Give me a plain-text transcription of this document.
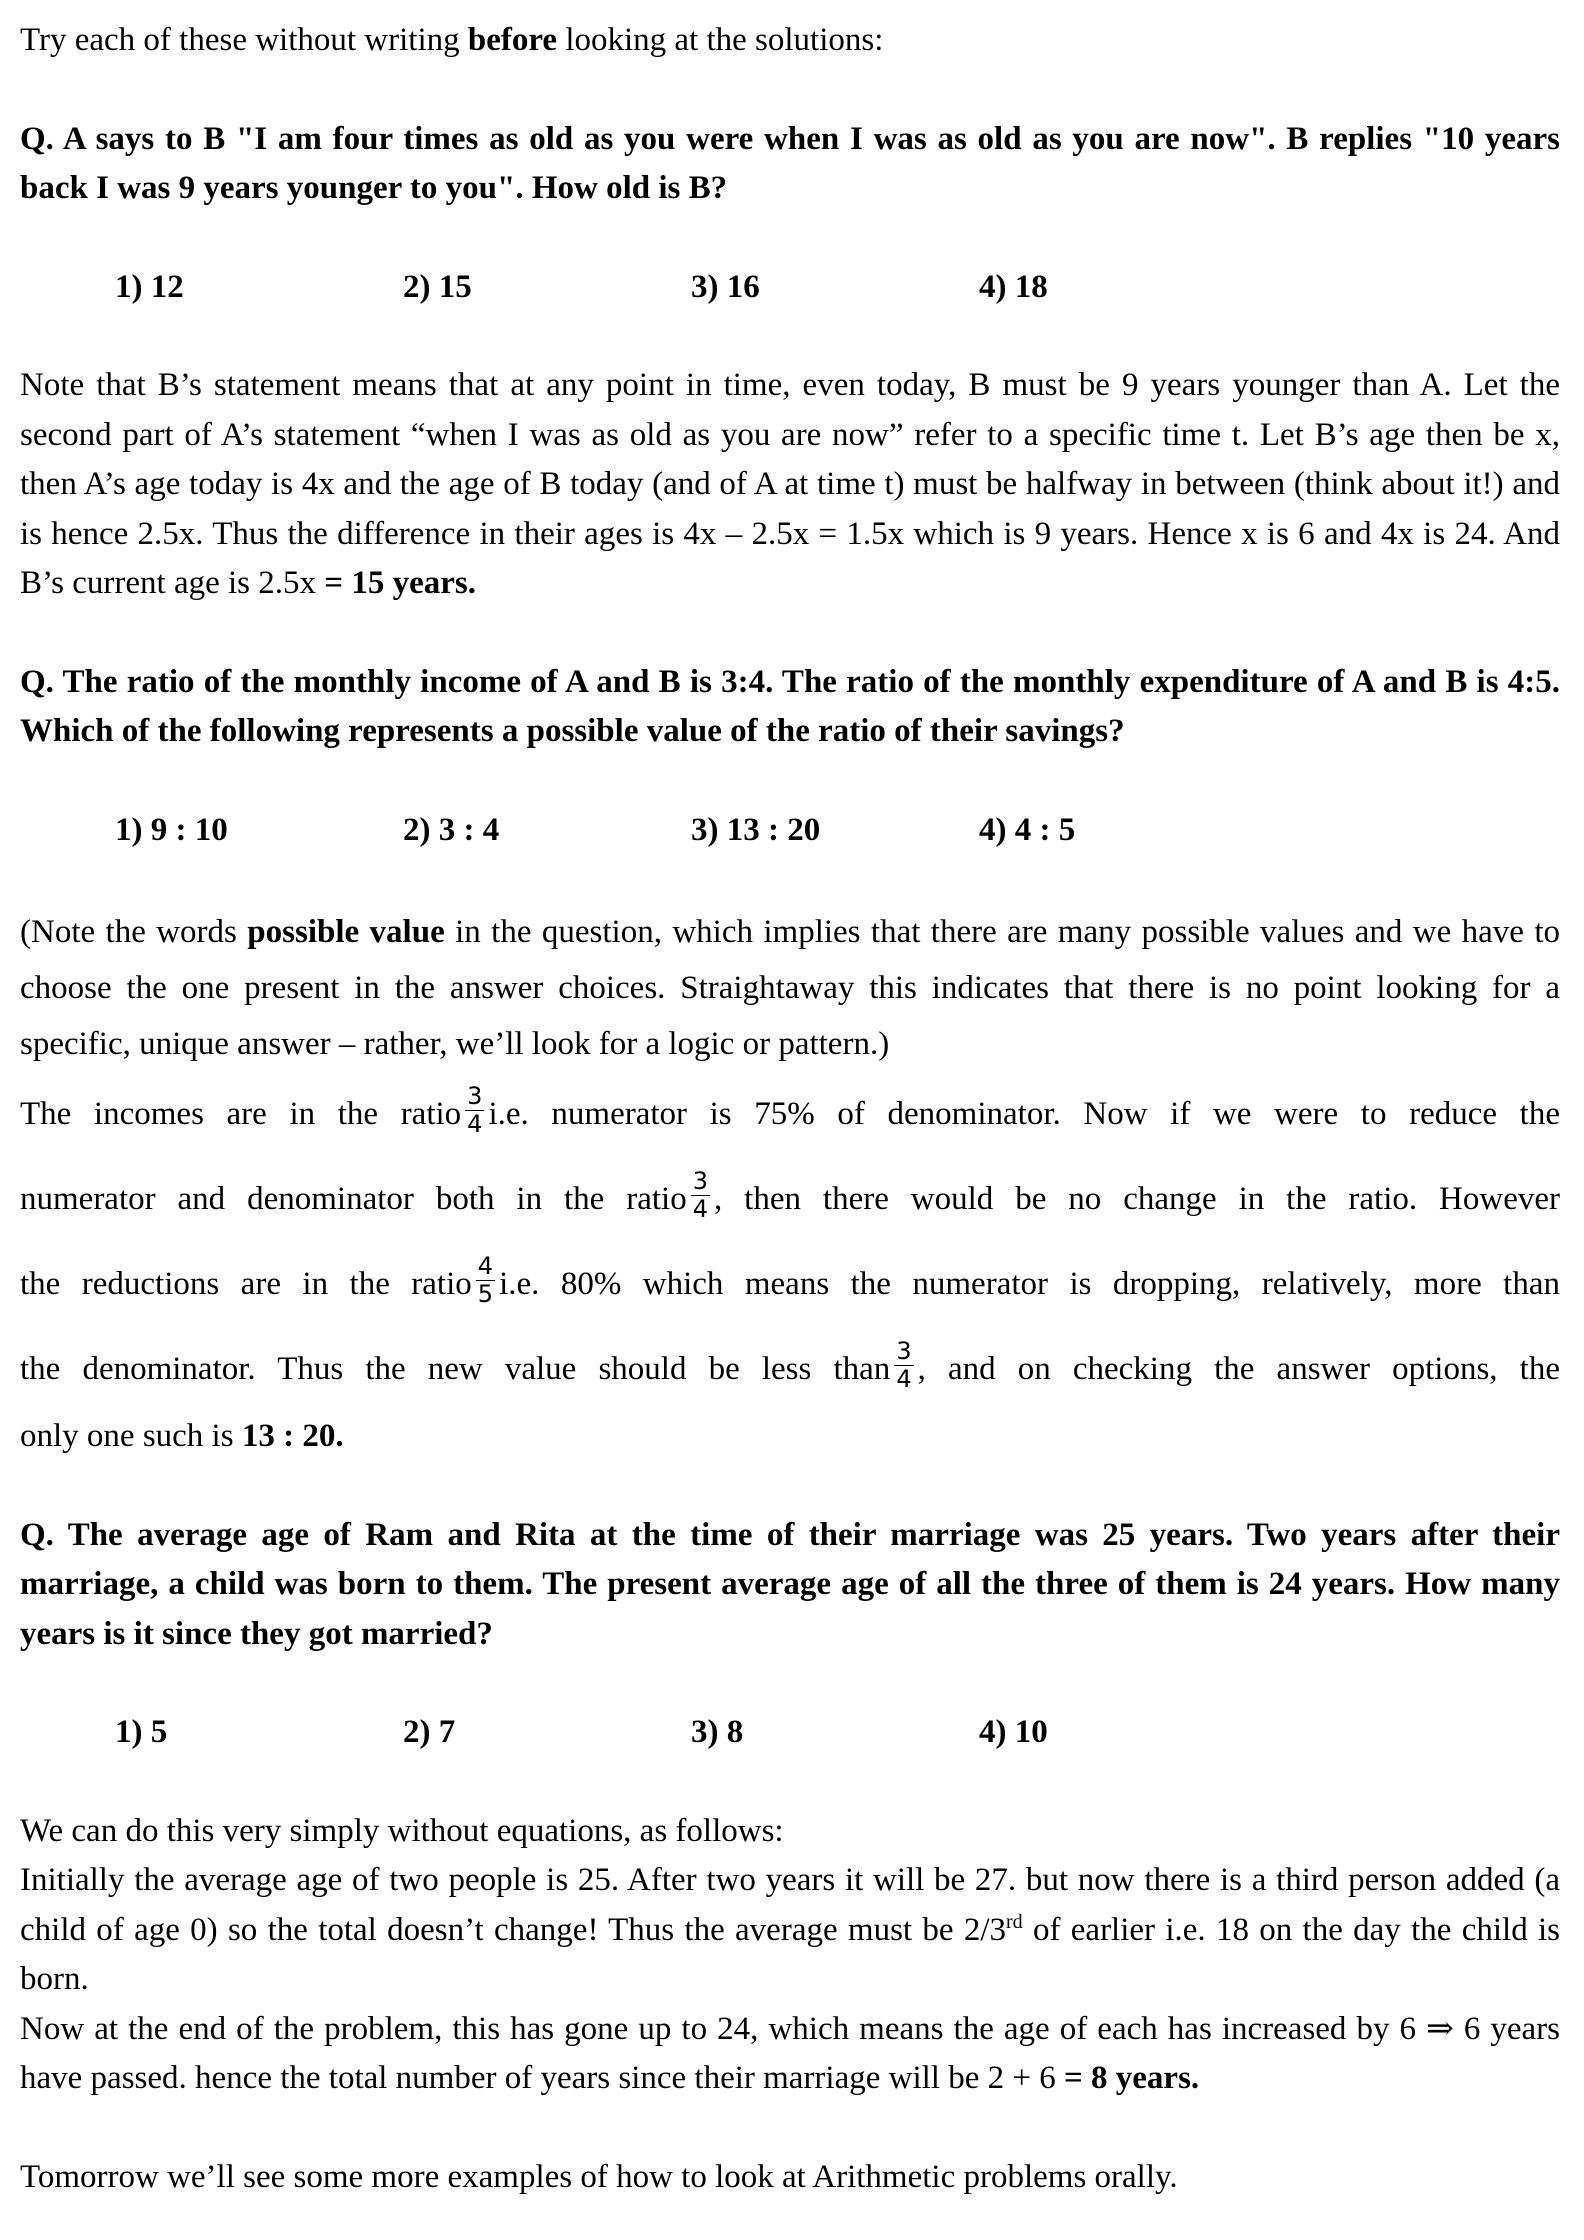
Try each of these without writing before looking at the solutions:

Q. A says to B "I am four times as old as you were when I was as old as you are now". B replies "10 years back I was 9 years younger to you". How old is B?

1) 12	2) 15	3) 16	4) 18

Note that B’s statement means that at any point in time, even today, B must be 9 years younger than A. Let the second part of A’s statement “when I was as old as you are now” refer to a specific time t. Let B’s age then be x, then A’s age today is 4x and the age of B today (and of A at time t) must be halfway in between (think about it!) and is hence 2.5x. Thus the difference in their ages is 4x – 2.5x = 1.5x which is 9 years. Hence x is 6 and 4x is 24. And B’s current age is 2.5x = 15 years.

Q. The ratio of the monthly income of A and B is 3:4. The ratio of the monthly expenditure of A and B is 4:5. Which of the following represents a possible value of the ratio of their savings?

1) 9 : 10	2) 3 : 4	3) 13 : 20	4) 4 : 5

(Note the words possible value in the question, which implies that there are many possible values and we have to choose the one present in the answer choices. Straightaway this indicates that there is no point looking for a specific, unique answer – rather, we’ll look for a logic or pattern.)

The incomes are in the ratio $\frac{3}{4} i.e$. numerator is 75% of denominator. Now if we were to reduce the

numerator and denominator both in the ratio $\frac{3}{4}$ , then there would be no change in the ratio. However

the reductions are in the ratio $\frac{4}{5} i.e$. 80% which means the numerator is dropping, relatively, more than

the denominator. Thus the new value should be less than $\frac{3}{4}$ , and on checking the answer options, the

only one such is 13 : 20.

Q. The average age of Ram and Rita at the time of their marriage was 25 years. Two years after their marriage, a child was born to them. The present average age of all the three of them is 24 years. How many years is it since they got married?

1) 5	2) 7	3) 8	4) 10

We can do this very simply without equations, as follows:

Initially the average age of two people is 25. After two years it will be 27. but now there is a third person added (a child of age 0) so the total doesn’t change! Thus the average must be 2/3rd of earlier i.e. 18 on the day the child is born.

Now at the end of the problem, this has gone up to 24, which means the age of each has increased by 6 ⇒ 6 years have passed. hence the total number of years since their marriage will be 2 + 6 = 8 years.

Tomorrow we’ll see some more examples of how to look at Arithmetic problems orally.
